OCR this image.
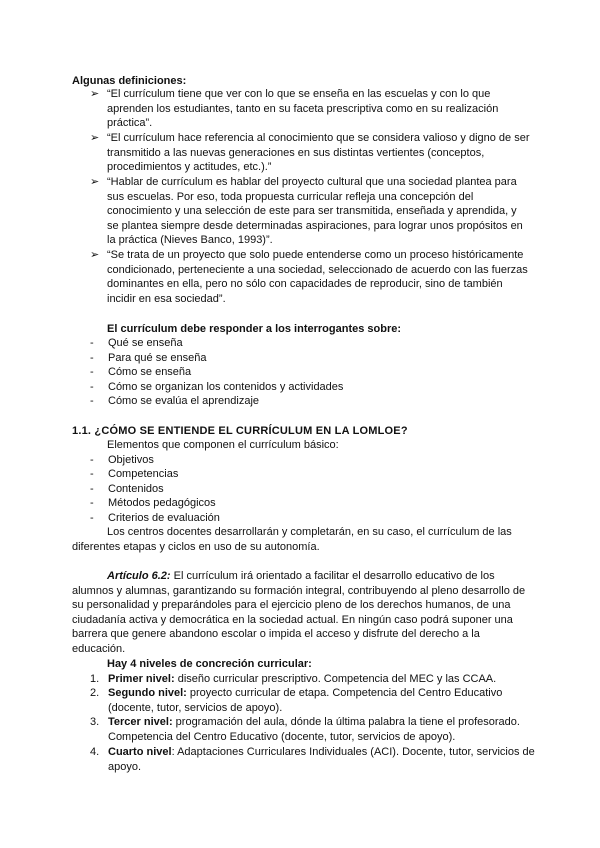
Algunas definiciones:
➢ “El currículum tiene que ver con lo que se enseña en las escuelas y con lo que aprenden los estudiantes, tanto en su faceta prescriptiva como en su realización práctica”.
➢ “El currículum hace referencia al conocimiento que se considera valioso y digno de ser transmitido a las nuevas generaciones en sus distintas vertientes (conceptos, procedimientos y actitudes, etc.).”
➢ “Hablar de currículum es hablar del proyecto cultural que una sociedad plantea para sus escuelas. Por eso, toda propuesta curricular refleja una concepción del conocimiento y una selección de este para ser transmitida, enseñada y aprendida, y se plantea siempre desde determinadas aspiraciones, para lograr unos propósitos en la práctica (Nieves Banco, 1993)”.
➢ “Se trata de un proyecto que solo puede entenderse como un proceso históricamente condicionado, perteneciente a una sociedad, seleccionado de acuerdo con las fuerzas dominantes en ella, pero no sólo con capacidades de reproducir, sino de también incidir en esa sociedad”.
El currículum debe responder a los interrogantes sobre:
- Qué se enseña
- Para qué se enseña
- Cómo se enseña
- Cómo se organizan los contenidos y actividades
- Cómo se evalúa el aprendizaje
1.1. ¿CÓMO SE ENTIENDE EL CURRÍCULUM EN LA LOMLOE?
Elementos que componen el currículum básico:
- Objetivos
- Competencias
- Contenidos
- Métodos pedagógicos
- Criterios de evaluación
Los centros docentes desarrollarán y completarán, en su caso, el currículum de las diferentes etapas y ciclos en uso de su autonomía.
Artículo 6.2: El currículum irá orientado a facilitar el desarrollo educativo de los alumnos y alumnas, garantizando su formación integral, contribuyendo al pleno desarrollo de su personalidad y preparándoles para el ejercicio pleno de los derechos humanos, de una ciudadanía activa y democrática en la sociedad actual. En ningún caso podrá suponer una barrera que genere abandono escolar o impida el acceso y disfrute del derecho a la educación.
Hay 4 niveles de concreción curricular:
1. Primer nivel: diseño curricular prescriptivo. Competencia del MEC y las CCAA.
2. Segundo nivel: proyecto curricular de etapa. Competencia del Centro Educativo (docente, tutor, servicios de apoyo).
3. Tercer nivel: programación del aula, dónde la última palabra la tiene el profesorado. Competencia del Centro Educativo (docente, tutor, servicios de apoyo).
4. Cuarto nivel: Adaptaciones Curriculares Individuales (ACI). Docente, tutor, servicios de apoyo.
